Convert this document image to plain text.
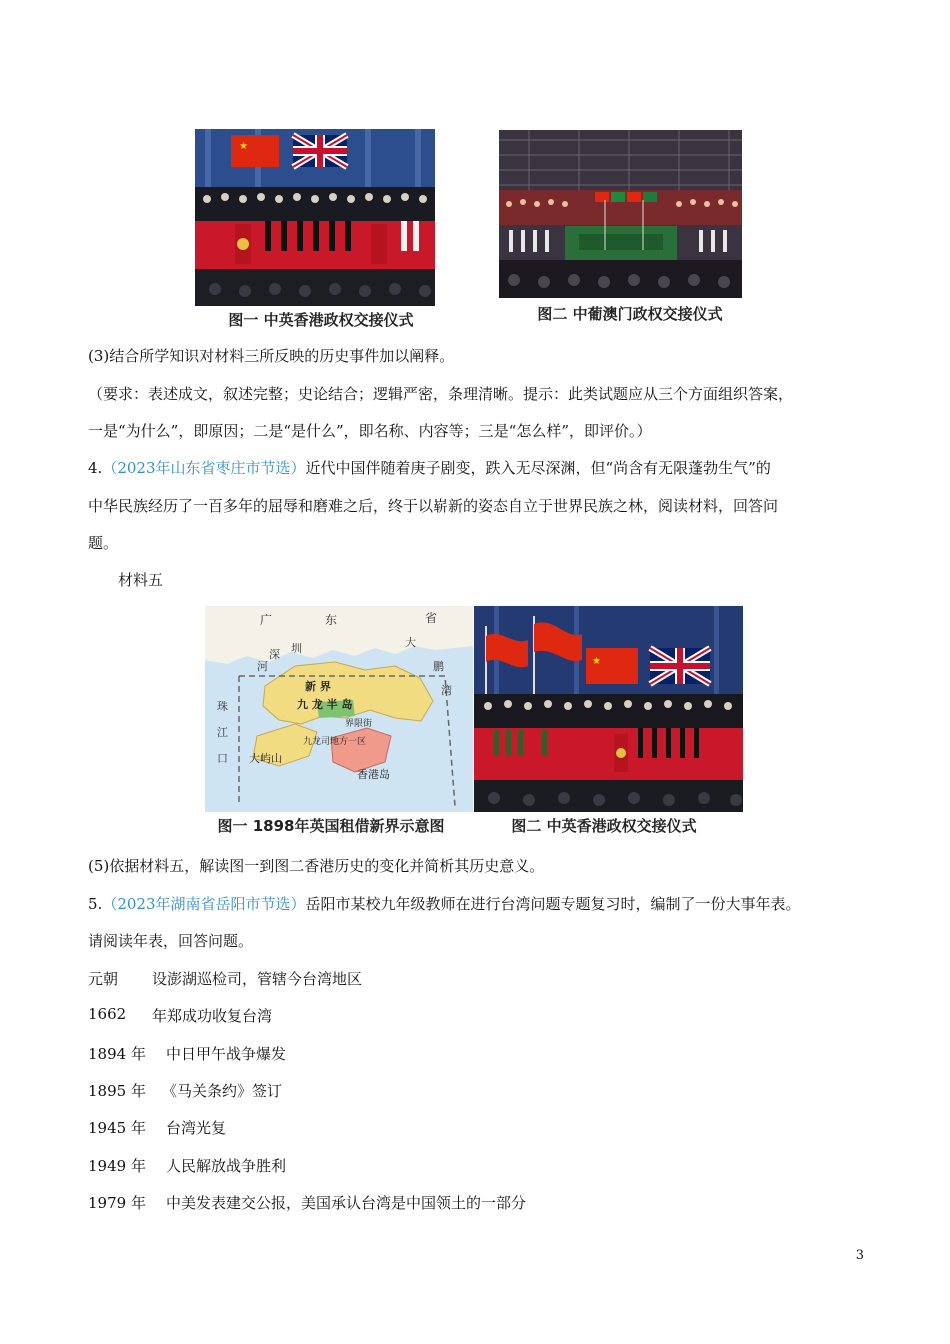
★
图一 中英香港政权交接仪式	图二 中葡澳门政权交接仪式
(3)结合所学知识对材料三所反映的历史事件加以阐释。
（要求：表述成文，叙述完整；史论结合；逻辑严密，条理清晰。提示：此类试题应从三个方面组织答案，
一是“为什么”，即原因；二是“是什么”，即名称、内容等；三是“怎么样”，即评价。）
4.（2023年山东省枣庄市节选）近代中国伴随着庚子剧变，跌入无尽深渊，但“尚含有无限蓬勃生气”的
中华民族经历了一百多年的屈辱和磨难之后，终于以崭新的姿态自立于世界民族之林，阅读材料，回答问
题。
材料五
广	东	省
大
鹏
湾
深 圳
河
新 界
九 龙 半 岛
界限街
九龙司地方一区
大屿山
香港岛
珠
江
口
图一 1898年英国租借新界示意图
★
图二 中英香港政权交接仪式
(5)依据材料五，解读图一到图二香港历史的变化并简析其历史意义。
5.（2023年湖南省岳阳市节选）岳阳市某校九年级教师在进行台湾问题专题复习时，编制了一份大事年表。
请阅读年表，回答问题。
元朝 设澎湖巡检司，管辖今台湾地区
1662 年郑成功收复台湾
1894 年 中日甲午战争爆发
1895 年 《马关条约》签订
1945 年 台湾光复
1949 年 人民解放战争胜利
1979 年 中美发表建交公报，美国承认台湾是中国领土的一部分
3
